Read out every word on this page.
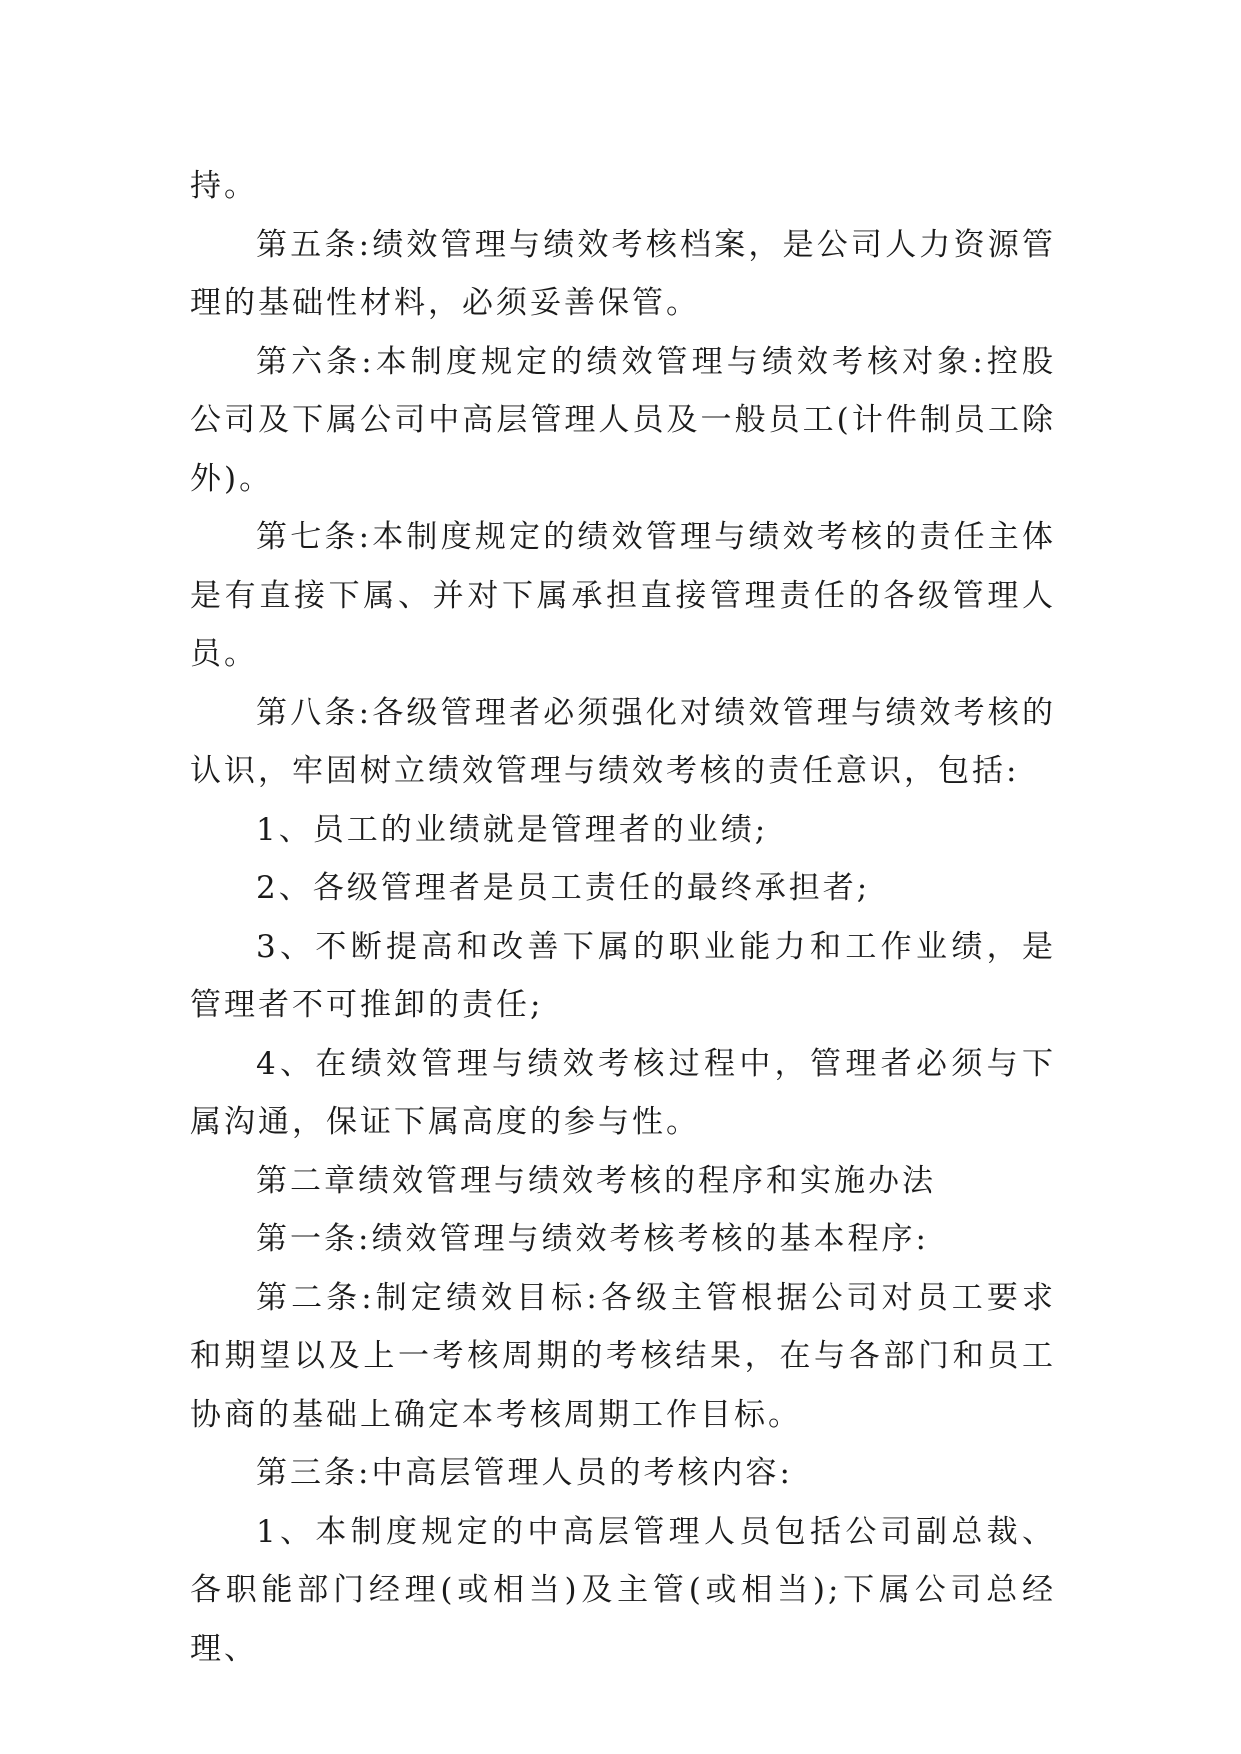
持。

第五条:绩效管理与绩效考核档案，是公司人力资源管理的基础性材料，必须妥善保管。

第六条:本制度规定的绩效管理与绩效考核对象:控股公司及下属公司中高层管理人员及一般员工(计件制员工除外)。

第七条:本制度规定的绩效管理与绩效考核的责任主体是有直接下属、并对下属承担直接管理责任的各级管理人员。

第八条:各级管理者必须强化对绩效管理与绩效考核的认识，牢固树立绩效管理与绩效考核的责任意识，包括:

1、员工的业绩就是管理者的业绩;

2、各级管理者是员工责任的最终承担者;

3、不断提高和改善下属的职业能力和工作业绩，是管理者不可推卸的责任;

4、在绩效管理与绩效考核过程中，管理者必须与下属沟通，保证下属高度的参与性。

第二章绩效管理与绩效考核的程序和实施办法

第一条:绩效管理与绩效考核考核的基本程序:

第二条:制定绩效目标:各级主管根据公司对员工要求和期望以及上一考核周期的考核结果，在与各部门和员工协商的基础上确定本考核周期工作目标。

第三条:中高层管理人员的考核内容:

1、本制度规定的中高层管理人员包括公司副总裁、各职能部门经理(或相当)及主管(或相当);下属公司总经理、
